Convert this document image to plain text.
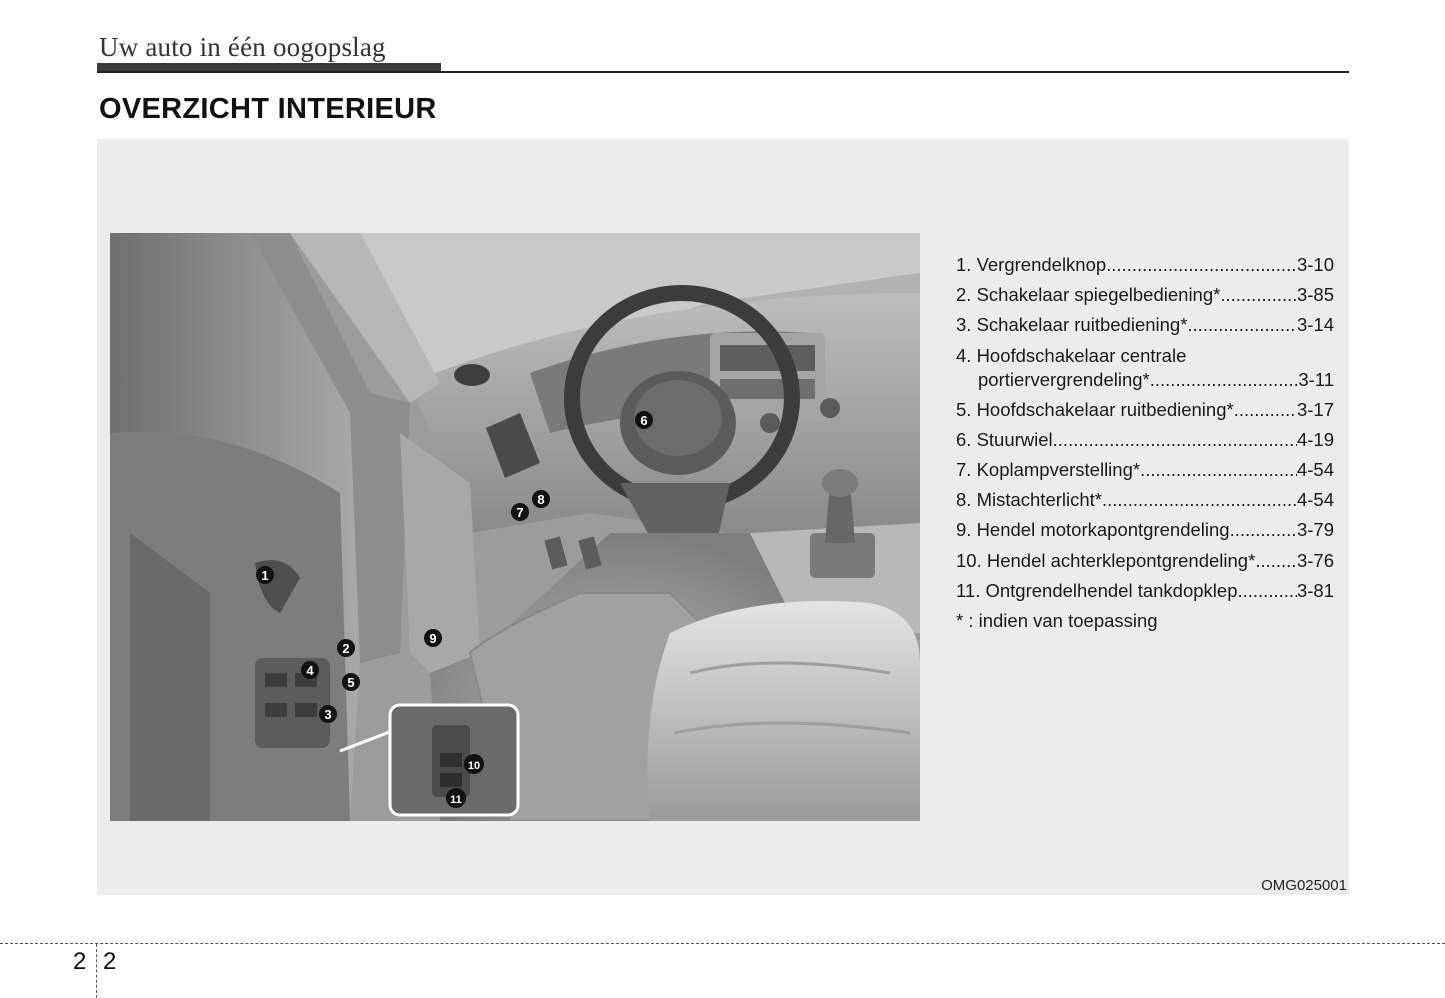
Uw auto in één oogopslag
OVERZICHT INTERIEUR
1
2
3
4
5
6
7
8
9
10
11
1. Vergrendelknop .....	3-10
2. Schakelaar spiegelbediening* .....	3-85
3. Schakelaar ruitbediening* .....	3-14
4. Hoofdschakelaar centrale
portiervergrendeling* .....	3-11
5. Hoofdschakelaar ruitbediening* .....	3-17
6. Stuurwiel .....	4-19
7. Koplampverstelling* .....	4-54
8. Mistachterlicht* .....	4-54
9. Hendel motorkapontgrendeling .....	3-79
10. Hendel achterklepontgrendeling* ..... 3-76
11. Ontgrendelhendel tankdopklep .....	3-81
* : indien van toepassing
OMG025001
2 2
